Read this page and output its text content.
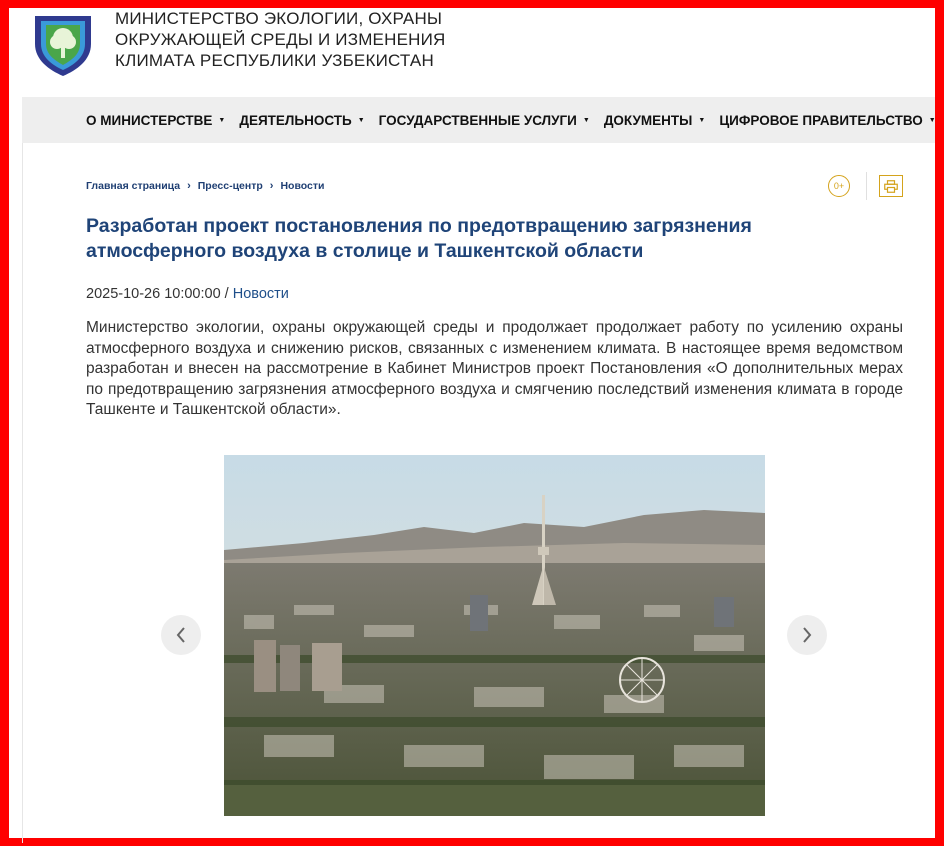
МИНИСТЕРСТВО ЭКОЛОГИИ, ОХРАНЫ
ОКРУЖАЮЩЕЙ СРЕДЫ И ИЗМЕНЕНИЯ
КЛИМАТА РЕСПУБЛИКИ УЗБЕКИСТАН
О МИНИСТЕРСТВЕ ▼ ДЕЯТЕЛЬНОСТЬ ▼ ГОСУДАРСТВЕННЫЕ УСЛУГИ ▼ ДОКУМЕНТЫ ▼ ЦИФРОВОЕ ПРАВИТЕЛЬСТВО ▼
Главная страница › Пресс-центр › Новости	0+
Разработан проект постановления по предотвращению загрязнения атмосферного воздуха в столице и Ташкентской области
2025-10-26 10:00:00 / Новости

Министерство экологии, охраны окружающей среды и продолжает продолжает работу по усилению охраны атмосферного воздуха и снижению рисков, связанных с изменением климата. В настоящее время ведомством разработан и внесен на рассмотрение в Кабинет Министров проект Постановления «О дополнительных мерах по предотвращению загрязнения атмосферного воздуха и смягчению последствий изменения климата в городе Ташкенте и Ташкентской области».
